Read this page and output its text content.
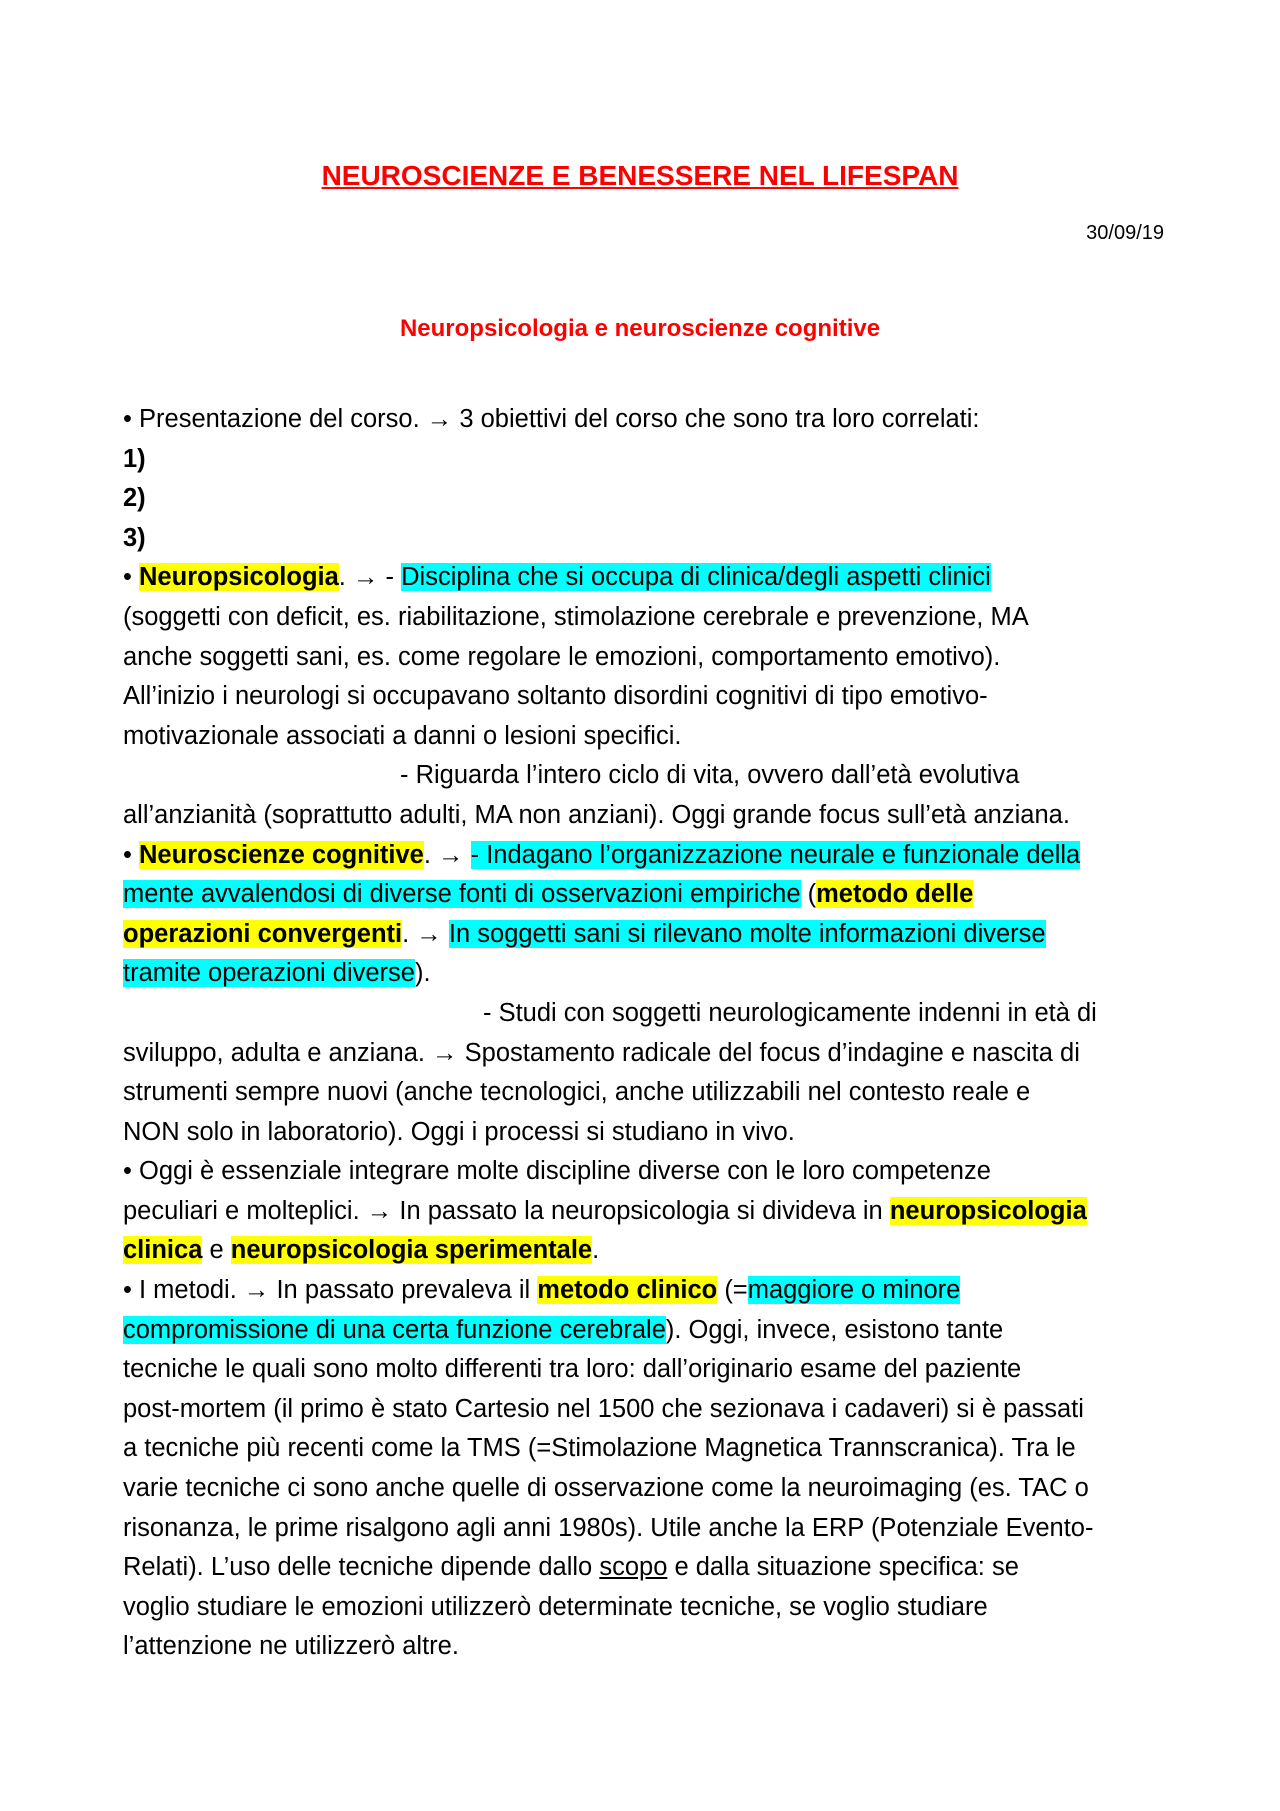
NEUROSCIENZE E BENESSERE NEL LIFESPAN
30/09/19
Neuropsicologia e neuroscienze cognitive
• Presentazione del corso. → 3 obiettivi del corso che sono tra loro correlati:
1)
2)
3)
• Neuropsicologia. → - Disciplina che si occupa di clinica/degli aspetti clinici
(soggetti con deficit, es. riabilitazione, stimolazione cerebrale e prevenzione, MA
anche soggetti sani, es. come regolare le emozioni, comportamento emotivo).
All’inizio i neurologi si occupavano soltanto disordini cognitivi di tipo emotivo-
motivazionale associati a danni o lesioni specifici.
- Riguarda l’intero ciclo di vita, ovvero dall’età evolutiva
all’anzianità (soprattutto adulti, MA non anziani). Oggi grande focus sull’età anziana.
• Neuroscienze cognitive. → - Indagano l’organizzazione neurale e funzionale della
mente avvalendosi di diverse fonti di osservazioni empiriche (metodo delle
operazioni convergenti. → In soggetti sani si rilevano molte informazioni diverse
tramite operazioni diverse).
- Studi con soggetti neurologicamente indenni in età di
sviluppo, adulta e anziana. → Spostamento radicale del focus d’indagine e nascita di
strumenti sempre nuovi (anche tecnologici, anche utilizzabili nel contesto reale e
NON solo in laboratorio). Oggi i processi si studiano in vivo.
• Oggi è essenziale integrare molte discipline diverse con le loro competenze
peculiari e molteplici. → In passato la neuropsicologia si divideva in neuropsicologia
clinica e neuropsicologia sperimentale.
• I metodi. → In passato prevaleva il metodo clinico (=maggiore o minore
compromissione di una certa funzione cerebrale). Oggi, invece, esistono tante
tecniche le quali sono molto differenti tra loro: dall’originario esame del paziente
post-mortem (il primo è stato Cartesio nel 1500 che sezionava i cadaveri) si è passati
a tecniche più recenti come la TMS (=Stimolazione Magnetica Trannscranica). Tra le
varie tecniche ci sono anche quelle di osservazione come la neuroimaging (es. TAC o
risonanza, le prime risalgono agli anni 1980s). Utile anche la ERP (Potenziale Evento-
Relati). L’uso delle tecniche dipende dallo scopo e dalla situazione specifica: se
voglio studiare le emozioni utilizzerò determinate tecniche, se voglio studiare
l’attenzione ne utilizzerò altre.
